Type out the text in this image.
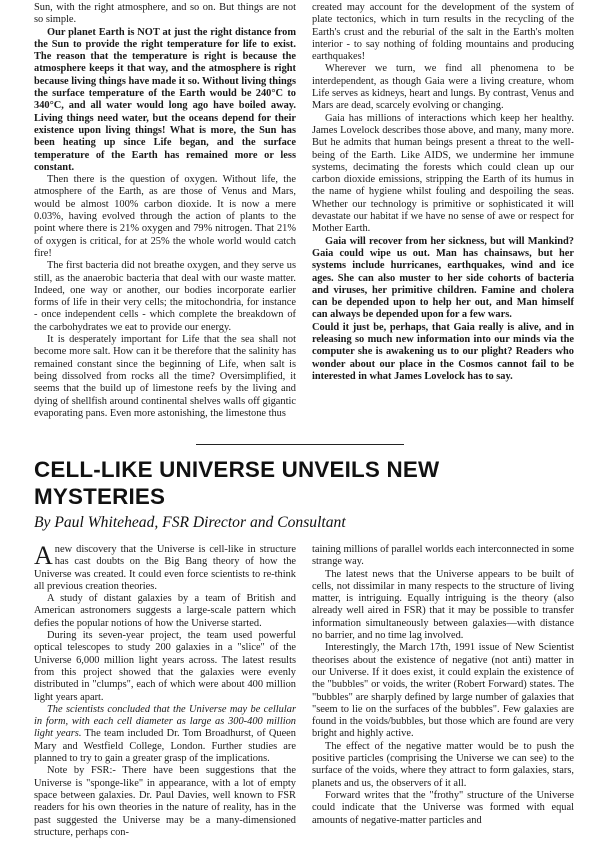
Sun, with the right atmosphere, and so on. But things are not so simple.

Our planet Earth is NOT at just the right distance from the Sun to provide the right temperature for life to exist. The reason that the temperature is right is because the atmosphere keeps it that way, and the atmosphere is right because living things have made it so. Without living things the surface temperature of the Earth would be 240°C to 340°C, and all water would long ago have boiled away. Living things need water, but the oceans depend for their existence upon living things! What is more, the Sun has been heating up since Life began, and the surface temperature of the Earth has remained more or less constant.

Then there is the question of oxygen. Without life, the atmosphere of the Earth, as are those of Venus and Mars, would be almost 100% carbon dioxide. It is now a mere 0.03%, having evolved through the action of plants to the point where there is 21% oxygen and 79% nitrogen. That 21% of oxygen is critical, for at 25% the whole world would catch fire!

The first bacteria did not breathe oxygen, and they serve us still, as the anaerobic bacteria that deal with our waste matter. Indeed, one way or another, our bodies incorporate earlier forms of life in their very cells; the mitochondria, for instance - once independent cells - which complete the breakdown of the carbohydrates we eat to provide our energy.

It is desperately important for Life that the sea shall not become more salt. How can it be therefore that the salinity has remained constant since the beginning of Life, when salt is being dissolved from rocks all the time? Oversimplified, it seems that the build up of limestone reefs by the living and dying of shellfish around continental shelves walls off gigantic evaporating pans. Even more astonishing, the limestone thus

created may account for the development of the system of plate tectonics, which in turn results in the recycling of the Earth's crust and the reburial of the salt in the Earth's molten interior - to say nothing of folding mountains and producing earthquakes!

Wherever we turn, we find all phenomena to be interdependent, as though Gaia were a living creature, whom Life serves as kidneys, heart and lungs. By contrast, Venus and Mars are dead, scarcely evolving or changing.

Gaia has millions of interactions which keep her healthy. James Lovelock describes those above, and many, many more. But he admits that human beings present a threat to the well-being of the Earth. Like AIDS, we undermine her immune systems, decimating the forests which could clean up our carbon dioxide emissions, stripping the Earth of its humus in the name of hygiene whilst fouling and despoiling the seas. Whether our technology is primitive or sophisticated it will devastate our habitat if we have no sense of awe or respect for Mother Earth.

Gaia will recover from her sickness, but will Mankind? Gaia could wipe us out. Man has chainsaws, but her systems include hurricanes, earthquakes, wind and ice ages. She can also muster to her side cohorts of bacteria and viruses, her primitive children. Famine and cholera can be depended upon to help her out, and Man himself can always be depended upon for a few wars.

Could it just be, perhaps, that Gaia really is alive, and in releasing so much new information into our minds via the computer she is awakening us to our plight? Readers who wonder about our place in the Cosmos cannot fail to be interested in what James Lovelock has to say.

CELL-LIKE UNIVERSE UNVEILS NEW MYSTERIES
By Paul Whitehead, FSR Director and Consultant

Anew discovery that the Universe is cell-like in structure has cast doubts on the Big Bang theory of how the Universe was created. It could even force scientists to re-think all previous creation theories.

A study of distant galaxies by a team of British and American astronomers suggests a large-scale pattern which defies the popular notions of how the Universe started.

During its seven-year project, the team used powerful optical telescopes to study 200 galaxies in a "slice" of the Universe 6,000 million light years across. The latest results from this project showed that the galaxies were evenly distributed in "clumps", each of which were about 400 million light years apart.

The scientists concluded that the Universe may be cellular in form, with each cell diameter as large as 300-400 million light years. The team included Dr. Tom Broadhurst, of Queen Mary and Westfield College, London. Further studies are planned to try to gain a greater grasp of the implications.

Note by FSR:- There have been suggestions that the Universe is "sponge-like" in appearance, with a lot of empty space between galaxies. Dr. Paul Davies, well known to FSR readers for his own theories in the nature of reality, has in the past suggested the Universe may be a many-dimensioned structure, perhaps con-

taining millions of parallel worlds each interconnected in some strange way.

The latest news that the Universe appears to be built of cells, not dissimilar in many respects to the structure of living matter, is intriguing. Equally intriguing is the theory (also already well aired in FSR) that it may be possible to transfer information simultaneously between galaxies—with distance no barrier, and no time lag involved.

Interestingly, the March 17th, 1991 issue of New Scientist theorises about the existence of negative (not anti) matter in our Universe. If it does exist, it could explain the existence of the "bubbles" or voids, the writer (Robert Forward) states. The "bubbles" are sharply defined by large number of galaxies that "seem to lie on the surfaces of the bubbles". Few galaxies are found in the voids/bubbles, but those which are found are very bright and highly active.

The effect of the negative matter would be to push the positive particles (comprising the Universe we can see) to the surface of the voids, where they attract to form galaxies, stars, planets and us, the observers of it all.

Forward writes that the "frothy" structure of the Universe could indicate that the Universe was formed with equal amounts of negative-matter particles and
